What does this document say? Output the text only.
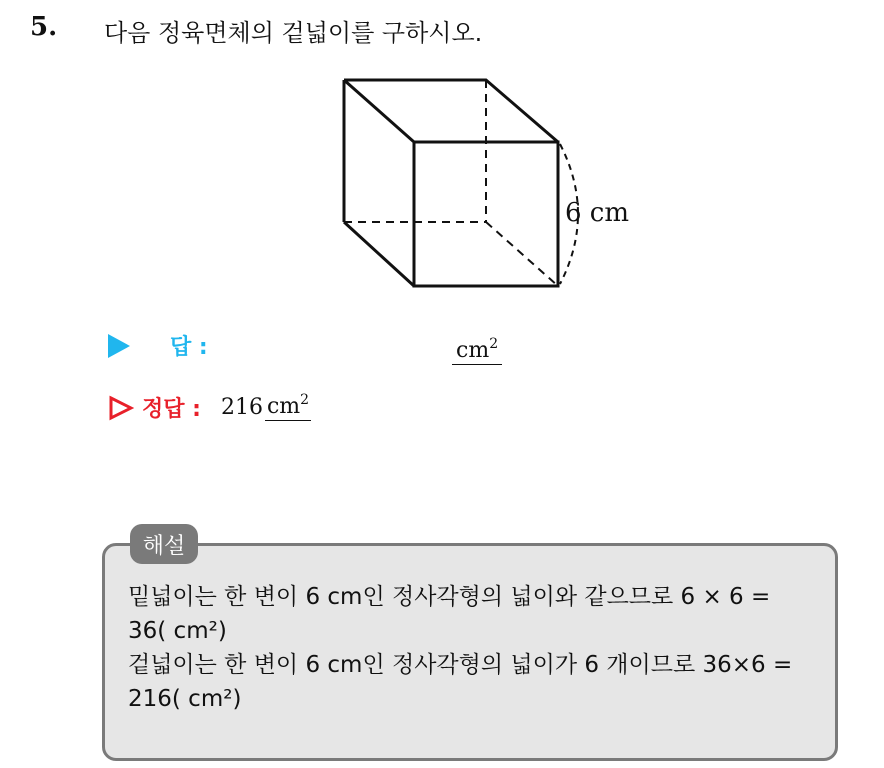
5. 다음 정육면체의 겉넓이를 구하시오.
6 cm
답 :	$cm^2$
정답 : 216 $cm^2$
해설
밑넓이는 한 변이 6 cm인 정사각형의 넓이와 같으므로 6 × 6 =
36( cm²)
겉넓이는 한 변이 6 cm인 정사각형의 넓이가 6 개이므로 36×6 =
216( cm²)
